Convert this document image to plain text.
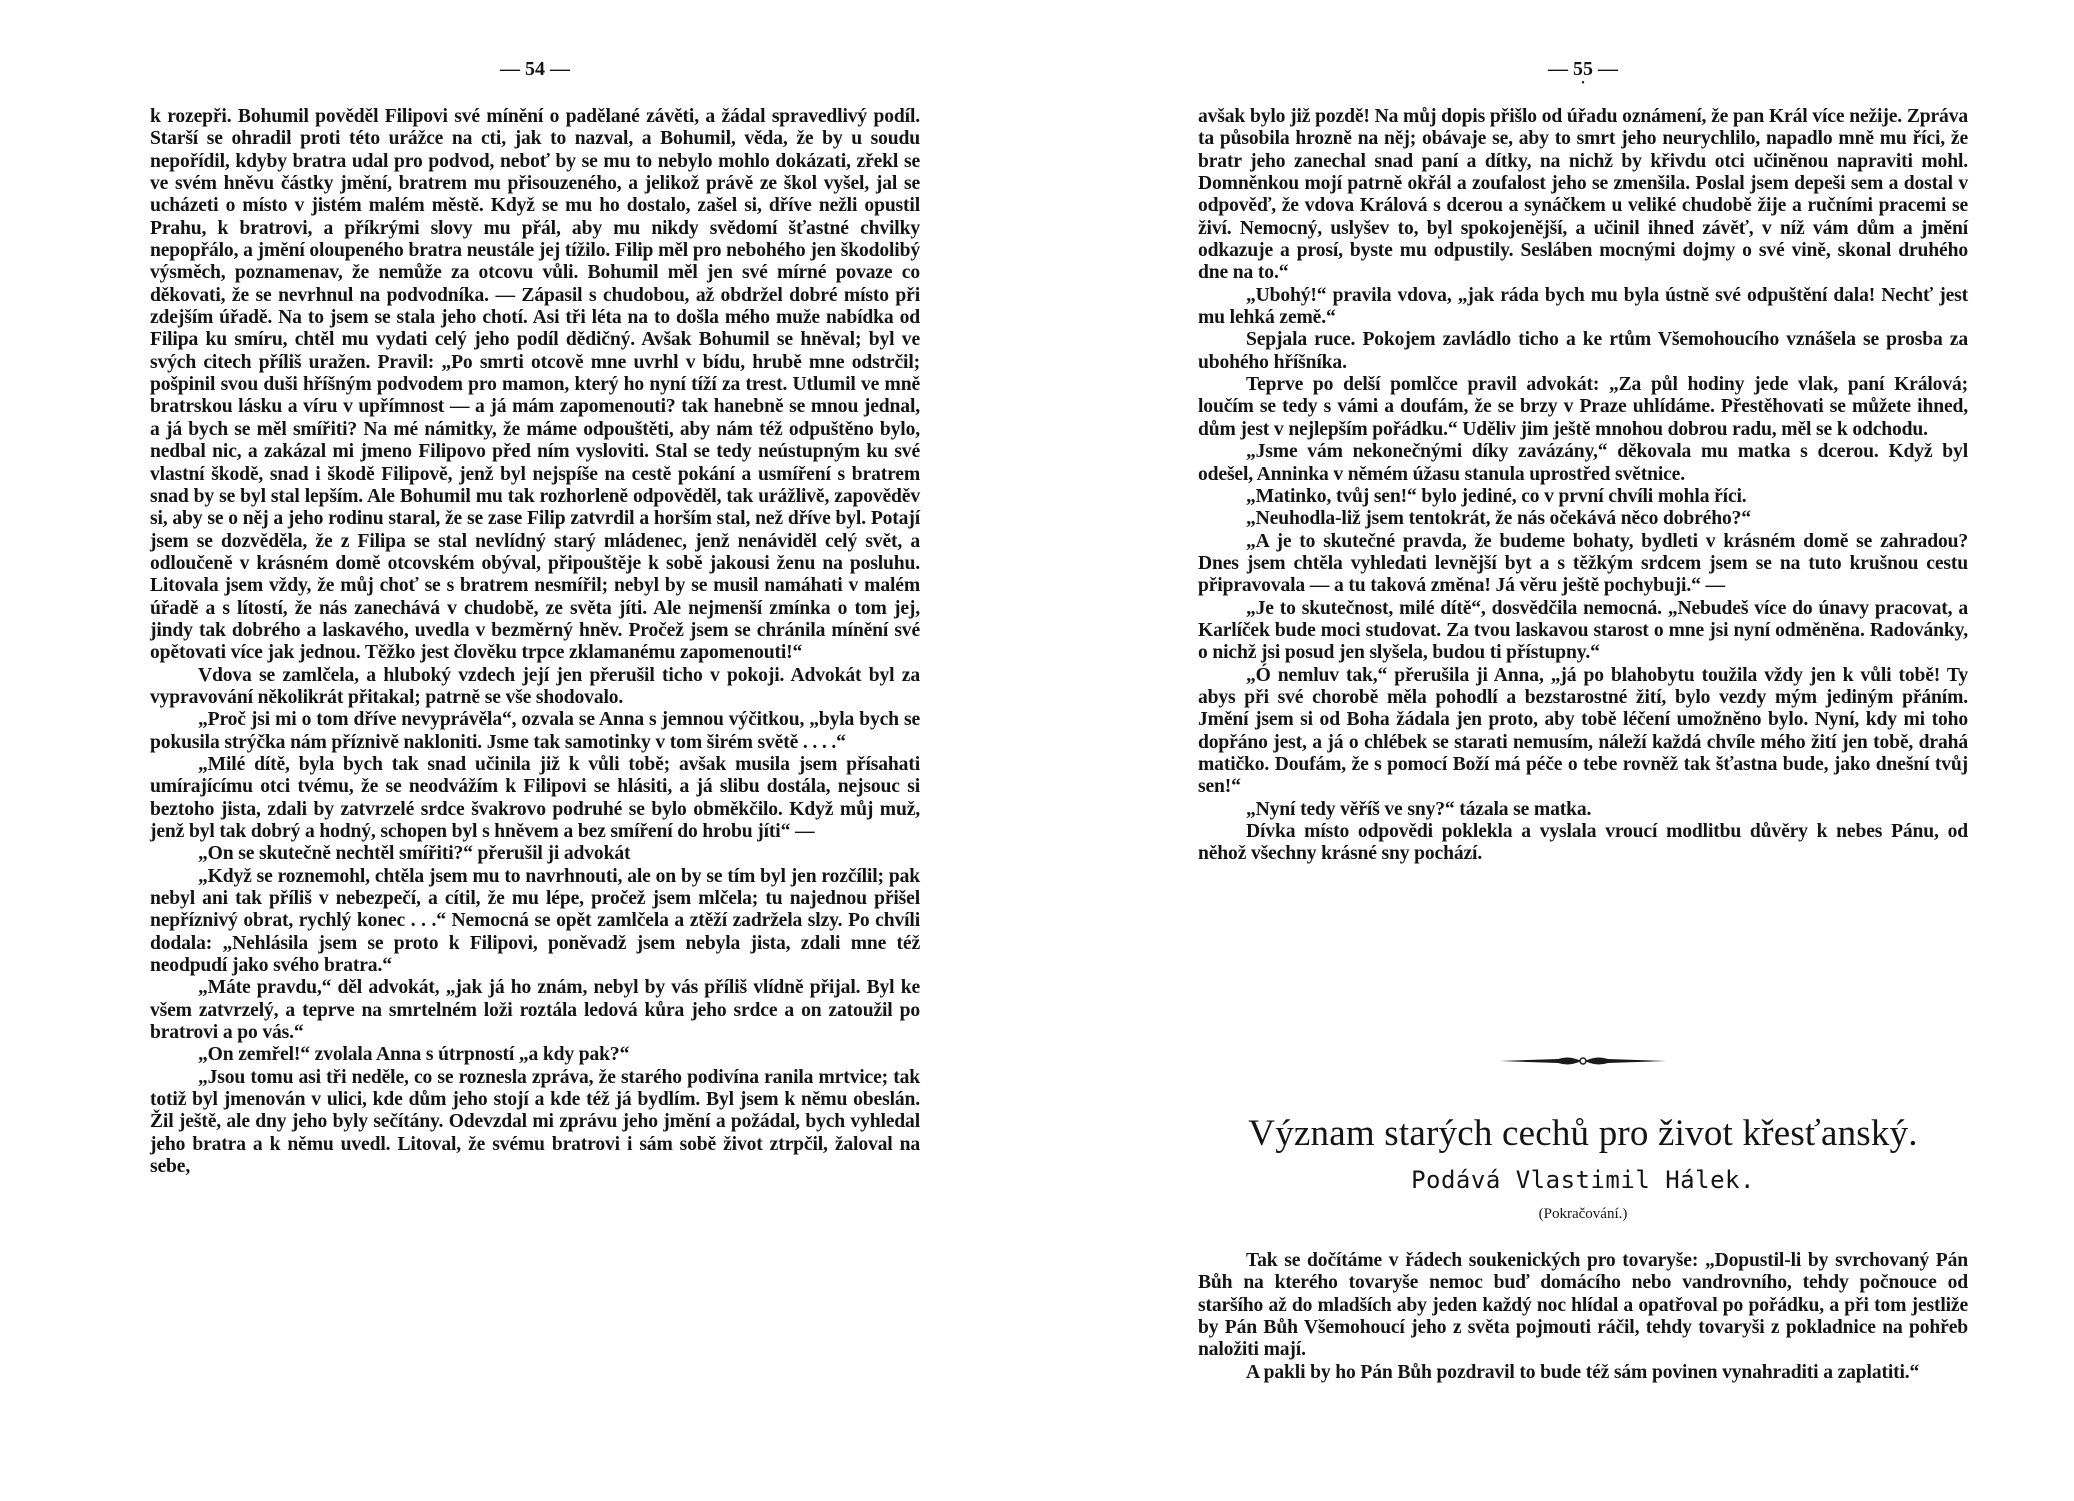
— 54 —

k rozepři. Bohumil pověděl Filipovi své mínění o padělané závěti, a žádal spravedlivý podíl. Starší se ohradil proti této urážce na cti, jak to nazval, a Bohumil, věda, že by u soudu nepořídil, kdyby bratra udal pro podvod, neboť by se mu to nebylo mohlo dokázati, zřekl se ve svém hněvu částky jmění, bratrem mu přisouzeného, a jelikož právě ze škol vyšel, jal se ucházeti o místo v jistém malém městě. Když se mu ho dostalo, zašel si, dříve nežli opustil Prahu, k bratrovi, a příkrými slovy mu přál, aby mu nikdy svědomí šťastné chvilky nepopřálo, a jmění oloupeného bratra neustále jej tížilo. Filip měl pro nebohého jen škodolibý výsměch, poznamenav, že nemůže za otcovu vůli. Bohumil měl jen své mírné povaze co děkovati, že se nevrhnul na podvodníka. — Zápasil s chudobou, až obdržel dobré místo při zdejším úřadě. Na to jsem se stala jeho chotí. Asi tři léta na to došla mého muže nabídka od Filipa ku smíru, chtěl mu vydati celý jeho podíl dědičný. Avšak Bohumil se hněval; byl ve svých citech příliš uražen. Pravil: „Po smrti otcově mne uvrhl v bídu, hrubě mne odstrčil; pošpinil svou duši hříšným podvodem pro mamon, který ho nyní tíží za trest. Utlumil ve mně bratrskou lásku a víru v upřímnost — a já mám zapomenouti? tak hanebně se mnou jednal, a já bych se měl smířiti? Na mé námitky, že máme odpouštěti, aby nám též odpuštěno bylo, nedbal nic, a zakázal mi jmeno Filipovo před ním vysloviti. Stal se tedy neústupným ku své vlastní škodě, snad i škodě Filipově, jenž byl nejspíše na cestě pokání a usmíření s bratrem snad by se byl stal lepším. Ale Bohumil mu tak rozhorleně odpověděl, tak urážlivě, zapověděv si, aby se o něj a jeho rodinu staral, že se zase Filip zatvrdil a horším stal, než dříve byl. Potají jsem se dozvěděla, že z Filipa se stal nevlídný starý mládenec, jenž nenáviděl celý svět, a odloučeně v krásném domě otcovském obýval, připouštěje k sobě jakousi ženu na posluhu. Litovala jsem vždy, že můj choť se s bratrem nesmířil; nebyl by se musil namáhati v malém úřadě a s lítostí, že nás zanechává v chudobě, ze světa jíti. Ale nejmenší zmínka o tom jej, jindy tak dobrého a laskavého, uvedla v bezměrný hněv. Pročež jsem se chránila mínění své opětovati více jak jednou. Těžko jest člověku trpce zklamanému zapomenouti!“

Vdova se zamlčela, a hluboký vzdech její jen přerušil ticho v pokoji. Advokát byl za vypravování několikrát přitakal; patrně se vše shodovalo.

„Proč jsi mi o tom dříve nevyprávěla“, ozvala se Anna s jemnou výčitkou, „byla bych se pokusila strýčka nám příznivě nakloniti. Jsme tak samotinky v tom širém světě . . . .“

„Milé dítě, byla bych tak snad učinila již k vůli tobě; avšak musila jsem přísahati umírajícímu otci tvému, že se neodvážím k Filipovi se hlásiti, a já slibu dostála, nejsouc si beztoho jista, zdali by zatvrzelé srdce švakrovo podruhé se bylo obměkčilo. Když můj muž, jenž byl tak dobrý a hodný, schopen byl s hněvem a bez smíření do hrobu jíti“ —

„On se skutečně nechtěl smířiti?“ přerušil ji advokát

„Když se roznemohl, chtěla jsem mu to navrhnouti, ale on by se tím byl jen rozčílil; pak nebyl ani tak příliš v nebezpečí, a cítil, že mu lépe, pročež jsem mlčela; tu najednou přišel nepříznivý obrat, rychlý konec . . .“ Nemocná se opět zamlčela a ztěží zadržela slzy. Po chvíli dodala: „Nehlásila jsem se proto k Filipovi, poněvadž jsem nebyla jista, zdali mne též neodpudí jako svého bratra.“

„Máte pravdu,“ děl advokát, „jak já ho znám, nebyl by vás příliš vlídně přijal. Byl ke všem zatvrzelý, a teprve na smrtelném loži roztála ledová kůra jeho srdce a on zatoužil po bratrovi a po vás.“

„On zemřel!“ zvolala Anna s útrpností „a kdy pak?“

„Jsou tomu asi tři neděle, co se roznesla zpráva, že starého podivína ranila mrtvice; tak totiž byl jmenován v ulici, kde dům jeho stojí a kde též já bydlím. Byl jsem k němu obeslán. Žil ještě, ale dny jeho byly sečítány. Odevzdal mi zprávu jeho jmění a požádal, bych vyhledal jeho bratra a k němu uvedl. Litoval, že svému bratrovi i sám sobě život ztrpčil, žaloval na sebe,

— 55 —
•

avšak bylo již pozdě! Na můj dopis přišlo od úřadu oznámení, že pan Král více nežije. Zpráva ta působila hrozně na něj; obávaje se, aby to smrt jeho neurychlilo, napadlo mně mu říci, že bratr jeho zanechal snad paní a dítky, na nichž by křivdu otci učiněnou napraviti mohl. Domněnkou mojí patrně okřál a zoufalost jeho se zmenšila. Poslal jsem depeši sem a dostal v odpověď, že vdova Králová s dcerou a synáčkem u veliké chudobě žije a ručními pracemi se živí. Nemocný, uslyšev to, byl spokojenější, a učinil ihned závěť, v níž vám dům a jmění odkazuje a prosí, byste mu odpustily. Sesláben mocnými dojmy o své vině, skonal druhého dne na to.“

„Ubohý!“ pravila vdova, „jak ráda bych mu byla ústně své odpuštění dala! Nechť jest mu lehká země.“

Sepjala ruce. Pokojem zavládlo ticho a ke rtům Všemohoucího vznášela se prosba za ubohého hříšníka.

Teprve po delší pomlčce pravil advokát: „Za půl hodiny jede vlak, paní Králová; loučím se tedy s vámi a doufám, že se brzy v Praze uhlídáme. Přestěhovati se můžete ihned, dům jest v nejlepším pořádku.“ Uděliv jim ještě mnohou dobrou radu, měl se k odchodu.

„Jsme vám nekonečnými díky zavázány,“ děkovala mu matka s dcerou. Když byl odešel, Anninka v němém úžasu stanula uprostřed světnice.

„Matinko, tvůj sen!“ bylo jediné, co v první chvíli mohla říci.

„Neuhodla-liž jsem tentokrát, že nás očekává něco dobrého?“

„A je to skutečné pravda, že budeme bohaty, bydleti v krásném domě se zahradou? Dnes jsem chtěla vyhledati levnější byt a s těžkým srdcem jsem se na tuto krušnou cestu připravovala — a tu taková změna! Já věru ještě pochybuji.“ —

„Je to skutečnost, milé dítě“, dosvědčila nemocná. „Nebudeš více do únavy pracovat, a Karlíček bude moci studovat. Za tvou laskavou starost o mne jsi nyní odměněna. Radovánky, o nichž jsi posud jen slyšela, budou ti přístupny.“

„Ó nemluv tak,“ přerušila ji Anna, „já po blahobytu toužila vždy jen k vůli tobě! Ty abys při své chorobě měla pohodlí a bezstarostné žití, bylo vezdy mým jediným přáním. Jmění jsem si od Boha žádala jen proto, aby tobě léčení umožněno bylo. Nyní, kdy mi toho dopřáno jest, a já o chlébek se starati nemusím, náleží každá chvíle mého žití jen tobě, drahá matičko. Doufám, že s pomocí Boží má péče o tebe rovněž tak šťastna bude, jako dnešní tvůj sen!“

„Nyní tedy věříš ve sny?“ tázala se matka.

Dívka místo odpovědi poklekla a vyslala vroucí modlitbu důvěry k nebes Pánu, od něhož všechny krásné sny pochází.

Význam starých cechů pro život křesťanský.
Podává Vlastimil Hálek.
(Pokračování.)

Tak se dočítáme v řádech soukenických pro tovaryše: „Dopustil-li by svrchovaný Pán Bůh na kterého tovaryše nemoc buď domácího nebo vandrovního, tehdy počnouce od staršího až do mladších aby jeden každý noc hlídal a opatřoval po pořádku, a při tom jestliže by Pán Bůh Všemohoucí jeho z světa pojmouti ráčil, tehdy tovaryši z pokladnice na pohřeb naložiti mají.

A pakli by ho Pán Bůh pozdravil to bude též sám povinen vynahraditi a zaplatiti.“
